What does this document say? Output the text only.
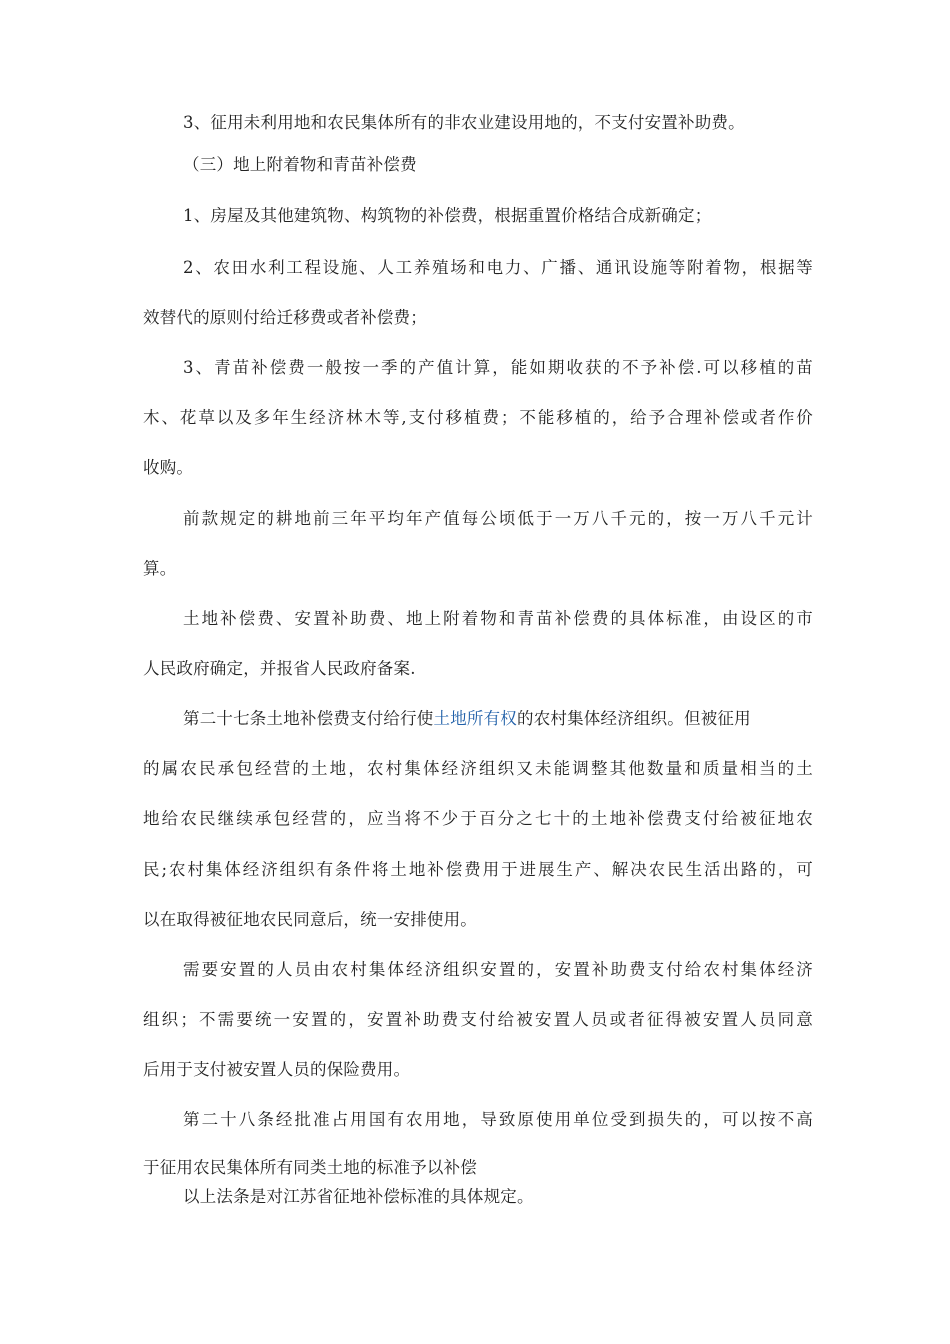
3、征用未利用地和农民集体所有的非农业建设用地的，不支付安置补助费。
（三）地上附着物和青苗补偿费
1、房屋及其他建筑物、构筑物的补偿费，根据重置价格结合成新确定；
2、农田水利工程设施、人工养殖场和电力、广播、通讯设施等附着物，根据等
效替代的原则付给迁移费或者补偿费；
3、青苗补偿费一般按一季的产值计算，能如期收获的不予补偿.可以移植的苗
木、花草以及多年生经济林木等,支付移植费；不能移植的，给予合理补偿或者作价
收购。
前款规定的耕地前三年平均年产值每公顷低于一万八千元的，按一万八千元计
算。
土地补偿费、安置补助费、地上附着物和青苗补偿费的具体标准，由设区的市
人民政府确定，并报省人民政府备案.
第二十七条土地补偿费支付给行使土地所有权的农村集体经济组织。但被征用
的属农民承包经营的土地，农村集体经济组织又未能调整其他数量和质量相当的土
地给农民继续承包经营的，应当将不少于百分之七十的土地补偿费支付给被征地农
民;农村集体经济组织有条件将土地补偿费用于进展生产、解决农民生活出路的，可
以在取得被征地农民同意后，统一安排使用。
需要安置的人员由农村集体经济组织安置的，安置补助费支付给农村集体经济
组织；不需要统一安置的，安置补助费支付给被安置人员或者征得被安置人员同意
后用于支付被安置人员的保险费用。
第二十八条经批准占用国有农用地，导致原使用单位受到损失的，可以按不高
于征用农民集体所有同类土地的标准予以补偿
以上法条是对江苏省征地补偿标准的具体规定。
